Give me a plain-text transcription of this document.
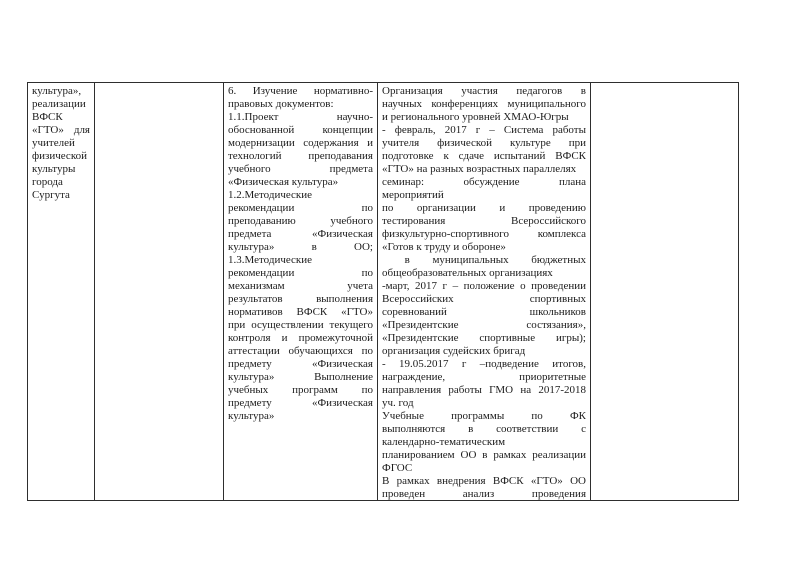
культура»,
реализации
ВФСК
«ГТО» для
учителей
физической
культуры
города
Сургута
6. Изучение нормативно-
правовых документов:
1.1.Проект научно-
обоснованной концепции
модернизации содержания и
технологий преподавания
учебного предмета
«Физическая культура»
1.2.Методические
рекомендации по
преподаванию учебного
предмета «Физическая
культура» в ОО;
1.3.Методические
рекомендации по
механизмам учета
результатов выполнения
нормативов ВФСК «ГТО»
при осуществлении текущего
контроля и промежуточной
аттестации обучающихся по
предмету «Физическая
культура» Выполнение
учебных программ по
предмету «Физическая
культура»
Организация участия педагогов в
научных конференциях муниципального
и регионального уровней ХМАО-Югры
- февраль, 2017 г – Система работы
учителя физической культуре при
подготовке к сдаче испытаний ВФСК
«ГТО» на разных возрастных параллелях
семинар: обсуждение плана
мероприятий
по организации и проведению
тестирования Всероссийского
физкультурно-спортивного комплекса
«Готов к труду и обороне»
в муниципальных бюджетных
общеобразовательных организациях
-март, 2017 г – положение о проведении
Всероссийских спортивных
соревнований школьников
«Президентские состязания»,
«Президентские спортивные игры);
организация судейских бригад
- 19.05.2017 г –подведение итогов,
награждение, приоритетные
направления работы ГМО на 2017-2018
уч. год
Учебные программы по ФК
выполняются в соответствии с
календарно-тематическим
планированием ОО в рамках реализации
ФГОС
В рамках внедрения ВФСК «ГТО» ОО
проведен анализ проведения
